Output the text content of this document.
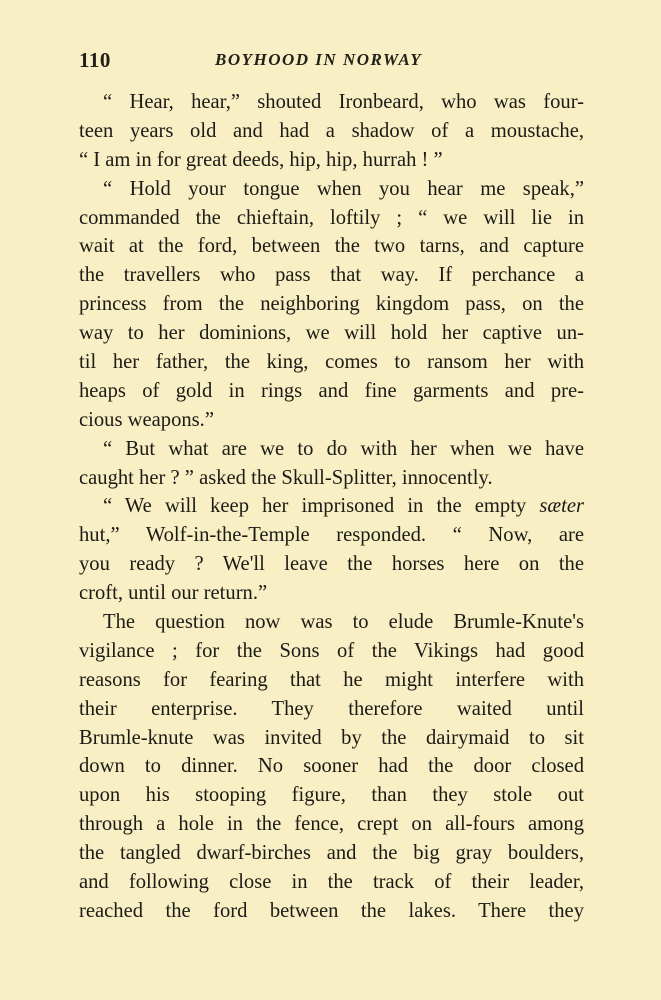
110	BOYHOOD IN NORWAY
“ Hear, hear,” shouted Ironbeard, who was four-
teen years old and had a shadow of a moustache,
“ I am in for great deeds, hip, hip, hurrah ! ”
“ Hold your tongue when you hear me speak,”
commanded the chieftain, loftily ; “ we will lie in
wait at the ford, between the two tarns, and capture
the travellers who pass that way. If perchance a
princess from the neighboring kingdom pass, on the
way to her dominions, we will hold her captive un-
til her father, the king, comes to ransom her with
heaps of gold in rings and fine garments and pre-
cious weapons.”
“ But what are we to do with her when we have
caught her ? ” asked the Skull-Splitter, innocently.
“ We will keep her imprisoned in the empty sæter
hut,” Wolf-in-the-Temple responded. “ Now, are
you ready ? We'll leave the horses here on the
croft, until our return.”
The question now was to elude Brumle-Knute's
vigilance ; for the Sons of the Vikings had good
reasons for fearing that he might interfere with
their enterprise. They therefore waited until
Brumle-knute was invited by the dairymaid to sit
down to dinner. No sooner had the door closed
upon his stooping figure, than they stole out
through a hole in the fence, crept on all-fours among
the tangled dwarf-birches and the big gray boulders,
and following close in the track of their leader,
reached the ford between the lakes. There they
